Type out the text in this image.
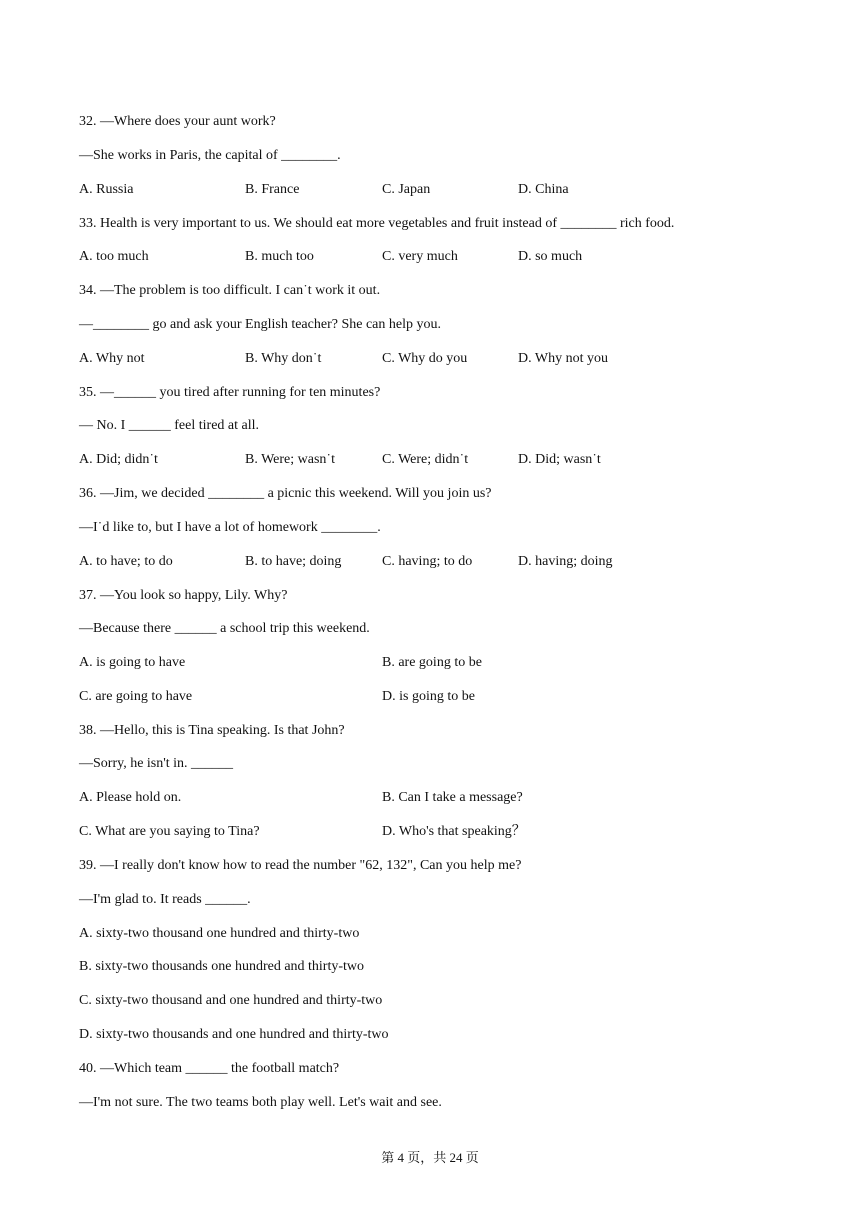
32. —Where does your aunt work?
—She works in Paris, the capital of ________.
A. Russia	B. France	C. Japan	D. China
33. Health is very important to us. We should eat more vegetables and fruit instead of ________ rich food.
A. too much	B. much too	C. very much	D. so much
34. —The problem is too difficult. I can˙t work it out.
—________ go and ask your English teacher? She can help you.
A. Why not	B. Why don˙t	C. Why do you	D. Why not you
35. —______ you tired after running for ten minutes?
— No. I ______ feel tired at all.
A. Did; didn˙t	B. Were; wasn˙t	C. Were; didn˙t	D. Did; wasn˙t
36. —Jim, we decided ________ a picnic this weekend. Will you join us?
—I˙d like to, but I have a lot of homework ________.
A. to have; to do	B. to have; doing	C. having; to do	D. having; doing
37. —You look so happy, Lily. Why?
—Because there ______ a school trip this weekend.
A. is going to have	B. are going to be
C. are going to have	D. is going to be
38. —Hello, this is Tina speaking. Is that John?
—Sorry, he isn't in. ______
A. Please hold on.	B. Can I take a message?
C. What are you saying to Tina?	D. Who's that speaking？
39. —I really don't know how to read the number "62, 132", Can you help me?
—I'm glad to. It reads ______.
A. sixty-two thousand one hundred and thirty-two
B. sixty-two thousands one hundred and thirty-two
C. sixty-two thousand and one hundred and thirty-two
D. sixty-two thousands and one hundred and thirty-two
40. —Which team ______ the football match?
—I'm not sure. The two teams both play well. Let's wait and see.
第 4 页，共 24 页
